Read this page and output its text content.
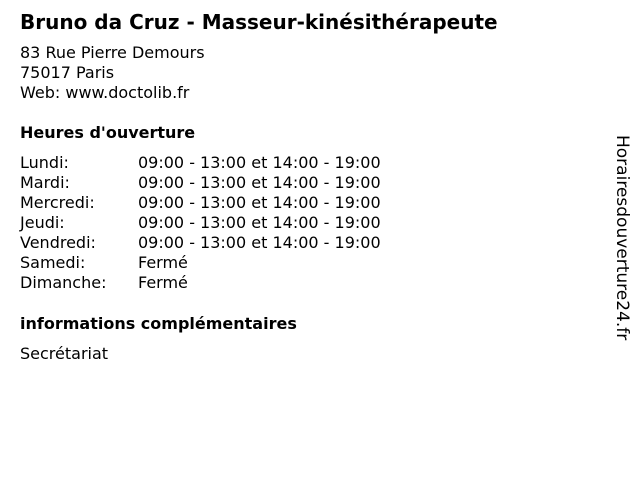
Bruno da Cruz - Masseur-kinésithérapeute
83 Rue Pierre Demours
75017 Paris
Web: www.doctolib.fr
Heures d'ouverture
Lundi:	09:00 - 13:00 et 14:00 - 19:00
Mardi:	09:00 - 13:00 et 14:00 - 19:00
Mercredi:	09:00 - 13:00 et 14:00 - 19:00
Jeudi:	09:00 - 13:00 et 14:00 - 19:00
Vendredi:	09:00 - 13:00 et 14:00 - 19:00
Samedi:	Fermé
Dimanche: Fermé
informations complémentaires
Secrétariat
Horairesdouverture24.fr
